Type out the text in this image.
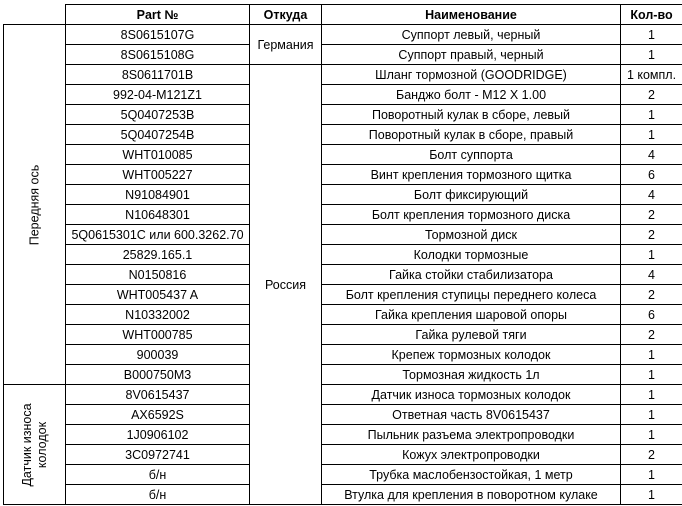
	Part №	Откуда	Наименование	Кол-во

Передняя ось	8S0615107G	Германия	Суппорт левый, черный	1
	8S0615108G		Суппорт правый, черный	1
	8S0611701B	Россия	Шланг тормозной (GOODRIDGE)	1 компл.
	992-04-M121Z1		Банджо болт - M12 X 1.00	2
	5Q0407253B		Поворотный кулак в сборе, левый	1
	5Q0407254B		Поворотный кулак в сборе, правый	1
	WHT010085		Болт суппорта	4
	WHT005227		Винт крепления тормозного щитка	6
	N91084901		Болт фиксирующий	4
	N10648301		Болт крепления тормозного диска	2
	5Q0615301C или 600.3262.70		Тормозной диск	2
	25829.165.1		Колодки тормозные	1
	N0150816		Гайка стойки стабилизатора	4
	WHT005437 A		Болт крепления ступицы переднего колеса	2
	N10332002		Гайка крепления шаровой опоры	6
	WHT000785		Гайка рулевой тяги	2
	900039		Крепеж тормозных колодок	1
	B000750M3		Тормозная жидкость 1л	1

Датчик износа
колодок	8V0615437		Датчик износа тормозных колодок	1
	AX6592S		Ответная часть 8V0615437	1
	1J0906102		Пыльник разъема электропроводки	1
	3C0972741		Кожух электропроводки	2
	б/н		Трубка маслобензостойкая, 1 метр	1
	б/н		Втулка для крепления в поворотном кулаке	1
